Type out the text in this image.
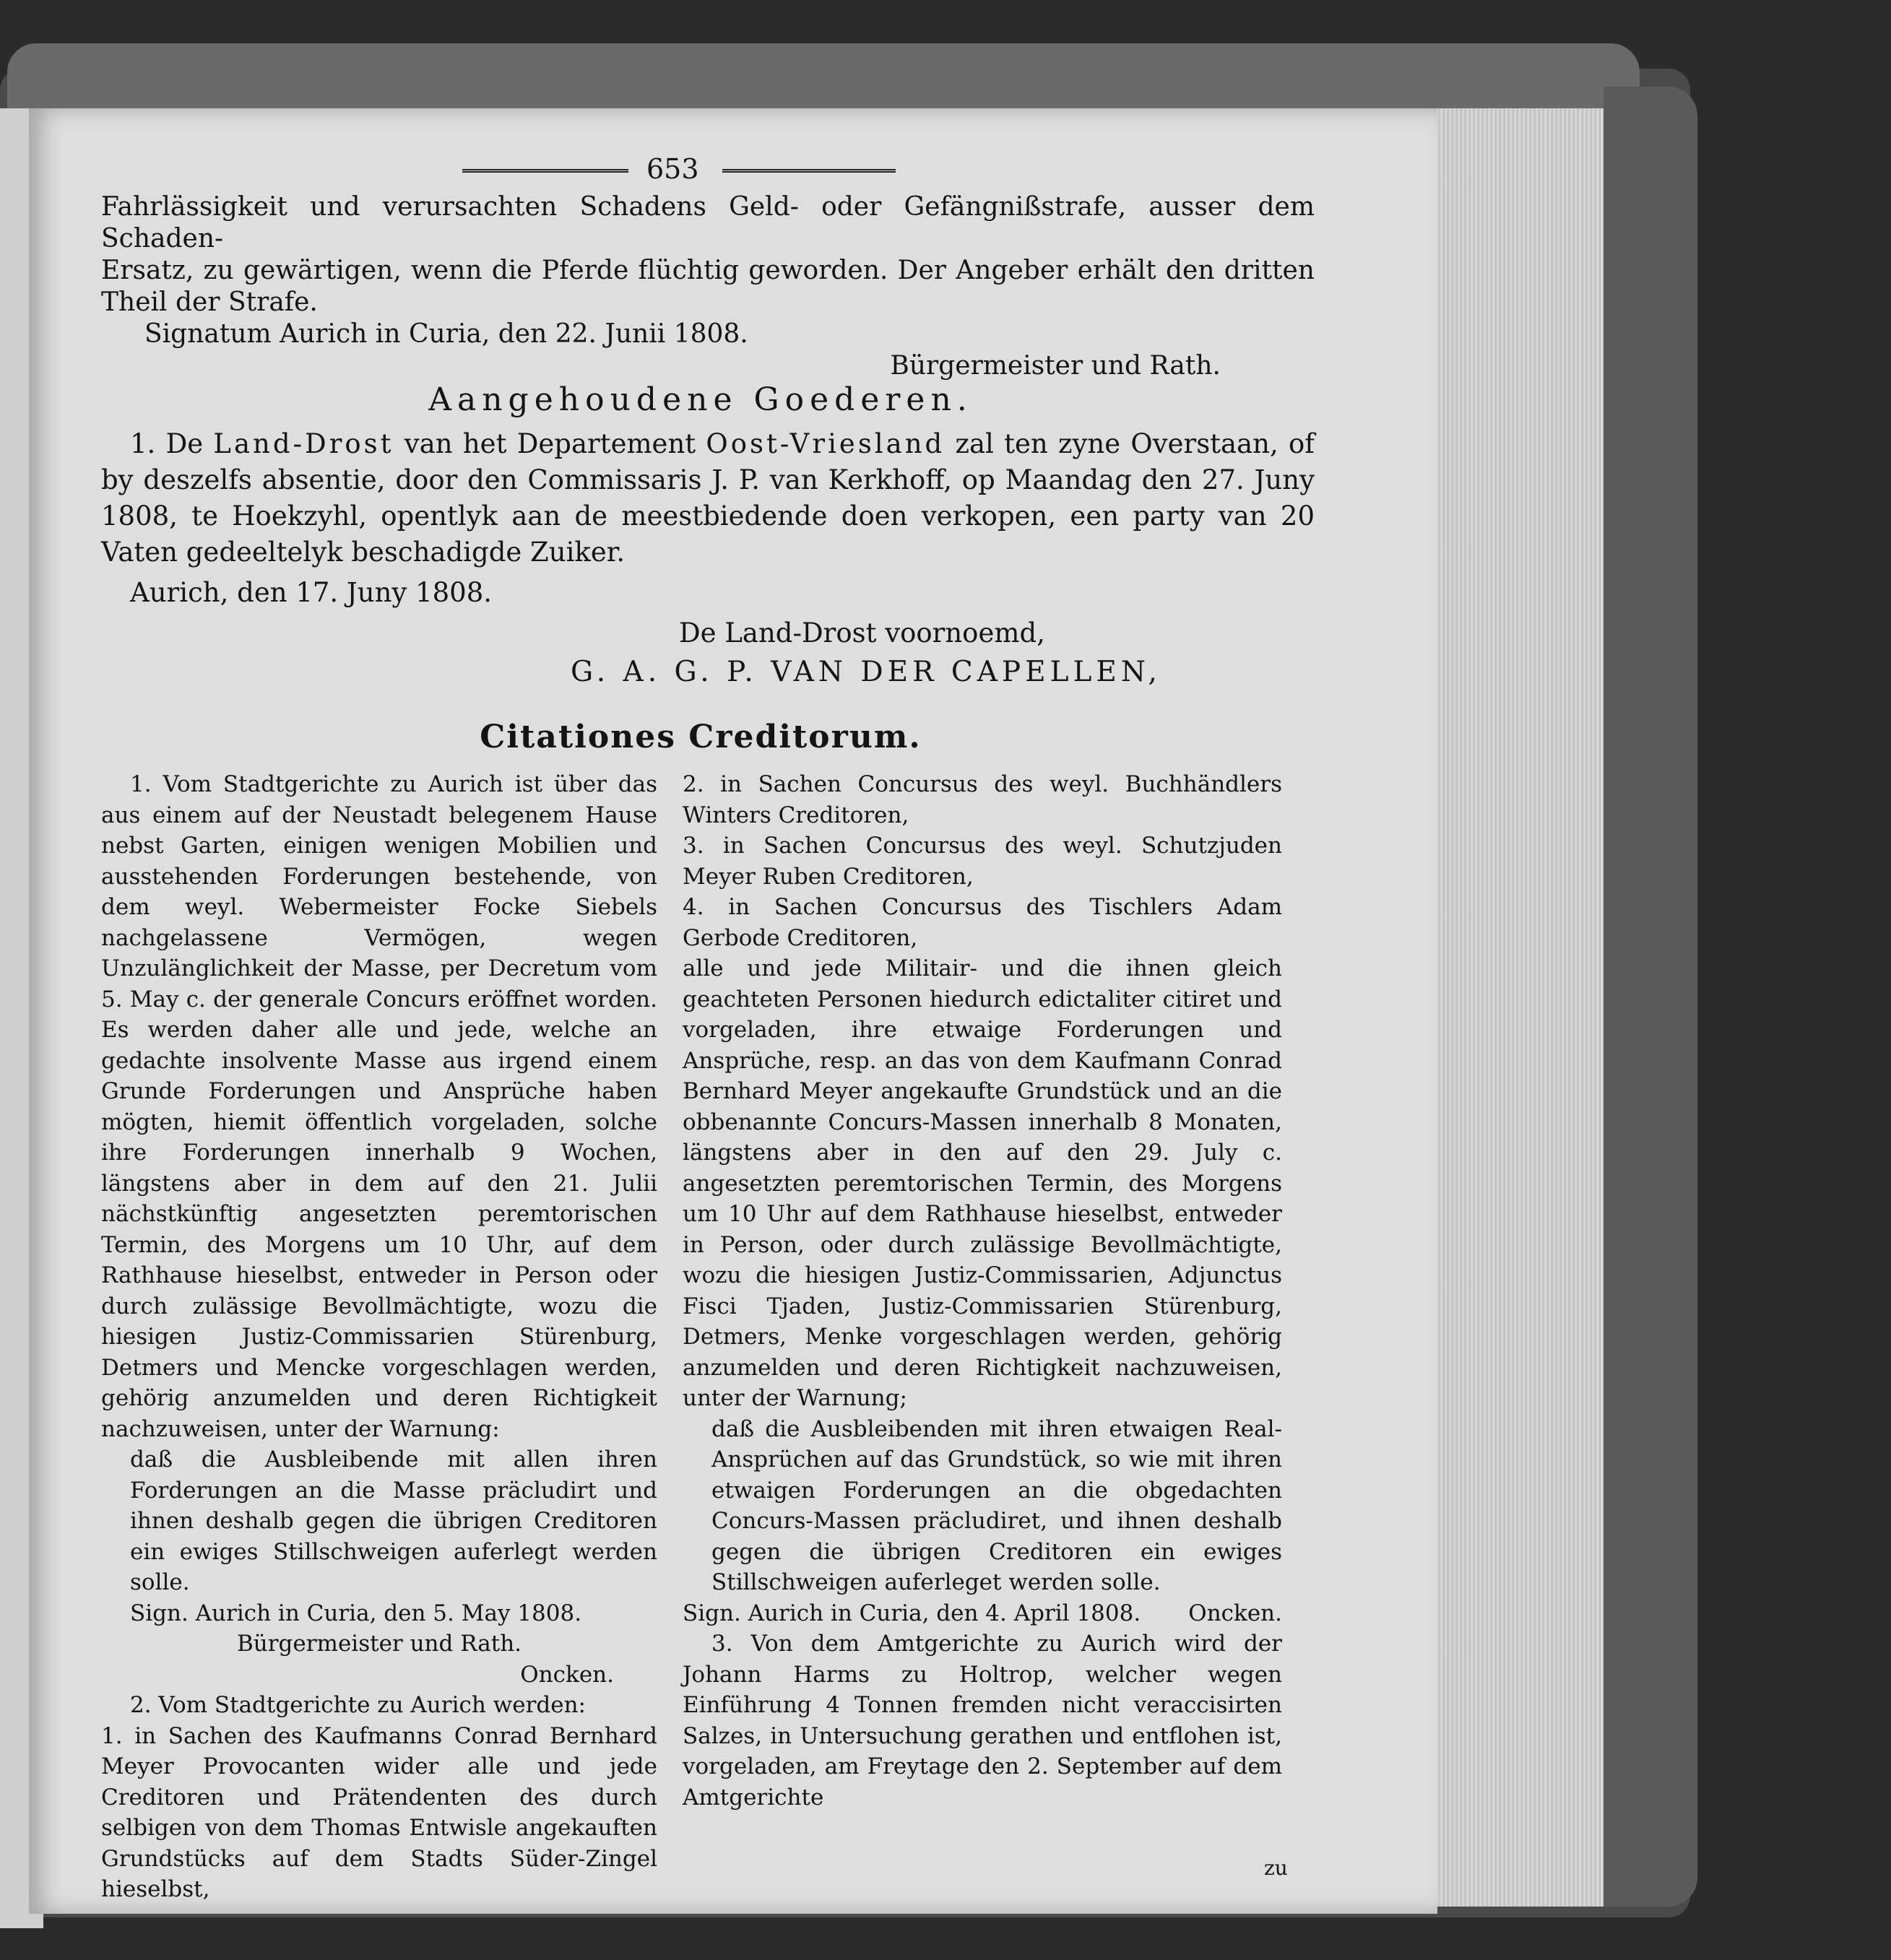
653

Fahrlässigkeit und verursachten Schadens Geld- oder Gefängnißstrafe, ausser dem Schaden-

Ersatz, zu gewärtigen, wenn die Pferde flüchtig geworden. Der Angeber erhält den dritten

Theil der Strafe.

Signatum Aurich in Curia, den 22. Junii 1808.

Bürgermeister und Rath.

Aangehoudene Goederen.

1. De Land-Drost van het Departement Oost-Vriesland zal ten zyne Overstaan, of by deszelfs absentie, door den Commissaris J. P. van Kerkhoff, op Maandag den 27. Juny 1808, te Hoekzyhl, opentlyk aan de meestbiedende doen verkopen, een party van 20 Vaten gedeeltelyk beschadigde Zuiker.

Aurich, den 17. Juny 1808.

De Land-Drost voornoemd,

G. A. G. P. VAN DER CAPELLEN,

Citationes Creditorum.

1. Vom Stadtgerichte zu Aurich ist über das aus einem auf der Neustadt belegenem Hause nebst Garten, einigen wenigen Mobilien und ausstehenden Forderungen bestehende, von dem weyl. Webermeister Focke Siebels nachgelassene Vermögen, wegen Unzulänglichkeit der Masse, per Decretum vom 5. May c. der generale Concurs eröffnet worden. Es werden daher alle und jede, welche an gedachte insolvente Masse aus irgend einem Grunde Forderungen und Ansprüche haben mögten, hiemit öffentlich vorgeladen, solche ihre Forderungen innerhalb 9 Wochen, längstens aber in dem auf den 21. Julii nächstkünftig angesetzten peremtorischen Termin, des Morgens um 10 Uhr, auf dem Rathhause hieselbst, entweder in Person oder durch zulässige Bevollmächtigte, wozu die hiesigen Justiz-Commissarien Stürenburg, Detmers und Mencke vorgeschlagen werden, gehörig anzumelden und deren Richtigkeit nachzuweisen, unter der Warnung:

daß die Ausbleibende mit allen ihren Forderungen an die Masse präcludirt und ihnen deshalb gegen die übrigen Creditoren ein ewiges Stillschweigen auferlegt werden solle.

Sign. Aurich in Curia, den 5. May 1808.

Bürgermeister und Rath.

Oncken.

2. Vom Stadtgerichte zu Aurich werden:

1. in Sachen des Kaufmanns Conrad Bernhard Meyer Provocanten wider alle und jede Creditoren und Prätendenten des durch selbigen von dem Thomas Entwisle angekauften Grundstücks auf dem Stadts Süder-Zingel hieselbst,

2. in Sachen Concursus des weyl. Buchhändlers Winters Creditoren,

3. in Sachen Concursus des weyl. Schutzjuden Meyer Ruben Creditoren,

4. in Sachen Concursus des Tischlers Adam Gerbode Creditoren,

alle und jede Militair- und die ihnen gleich geachteten Personen hiedurch edictaliter citiret und vorgeladen, ihre etwaige Forderungen und Ansprüche, resp. an das von dem Kaufmann Conrad Bernhard Meyer angekaufte Grundstück und an die obbenannte Concurs-Massen innerhalb 8 Monaten, längstens aber in den auf den 29. July c. angesetzten peremtorischen Termin, des Morgens um 10 Uhr auf dem Rathhause hieselbst, entweder in Person, oder durch zulässige Bevollmächtigte, wozu die hiesigen Justiz-Commissarien, Adjunctus Fisci Tjaden, Justiz-Commissarien Stürenburg, Detmers, Menke vorgeschlagen werden, gehörig anzumelden und deren Richtigkeit nachzuweisen, unter der Warnung;

daß die Ausbleibenden mit ihren etwaigen Real-Ansprüchen auf das Grundstück, so wie mit ihren etwaigen Forderungen an die obgedachten Concurs-Massen präcludiret, und ihnen deshalb gegen die übrigen Creditoren ein ewiges Stillschweigen auferleget werden solle.

Sign. Aurich in Curia, den 4. April 1808. Oncken.

3. Von dem Amtgerichte zu Aurich wird der Johann Harms zu Holtrop, welcher wegen Einführung 4 Tonnen fremden nicht veraccisirten Salzes, in Untersuchung gerathen und entflohen ist, vorgeladen, am Freytage den 2. September auf dem Amtgerichte

zu
